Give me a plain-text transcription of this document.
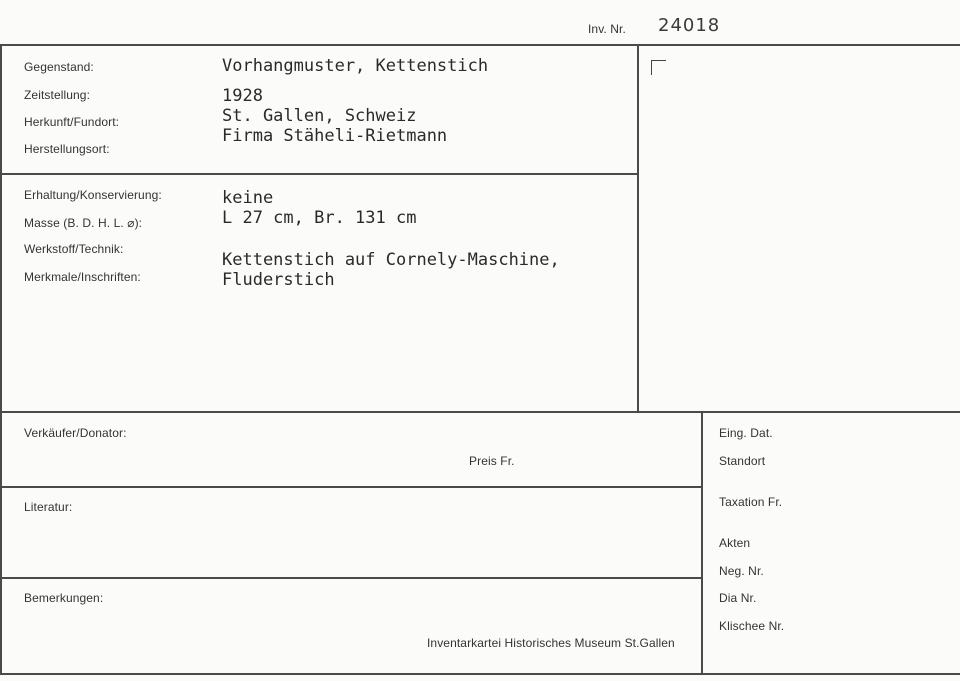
Inv. Nr. 24018
Gegenstand:
Zeitstellung:
Herkunft/Fundort:
Herstellungsort:
Vorhangmuster, Kettenstich
1928
St. Gallen, Schweiz
Firma Stäheli-Rietmann
Erhaltung/Konservierung:
Masse (B. D. H. L. ⌀):
Werkstoff/Technik:
Merkmale/Inschriften:
keine
L 27 cm, Br. 131 cm
Kettenstich auf Cornely-Maschine,
Fluderstich
Verkäufer/Donator:
Preis Fr.
Literatur:
Bemerkungen:
Inventarkartei Historisches Museum St.Gallen
Eing. Dat.
Standort
Taxation Fr.
Akten
Neg. Nr.
Dia Nr.
Klischee Nr.
